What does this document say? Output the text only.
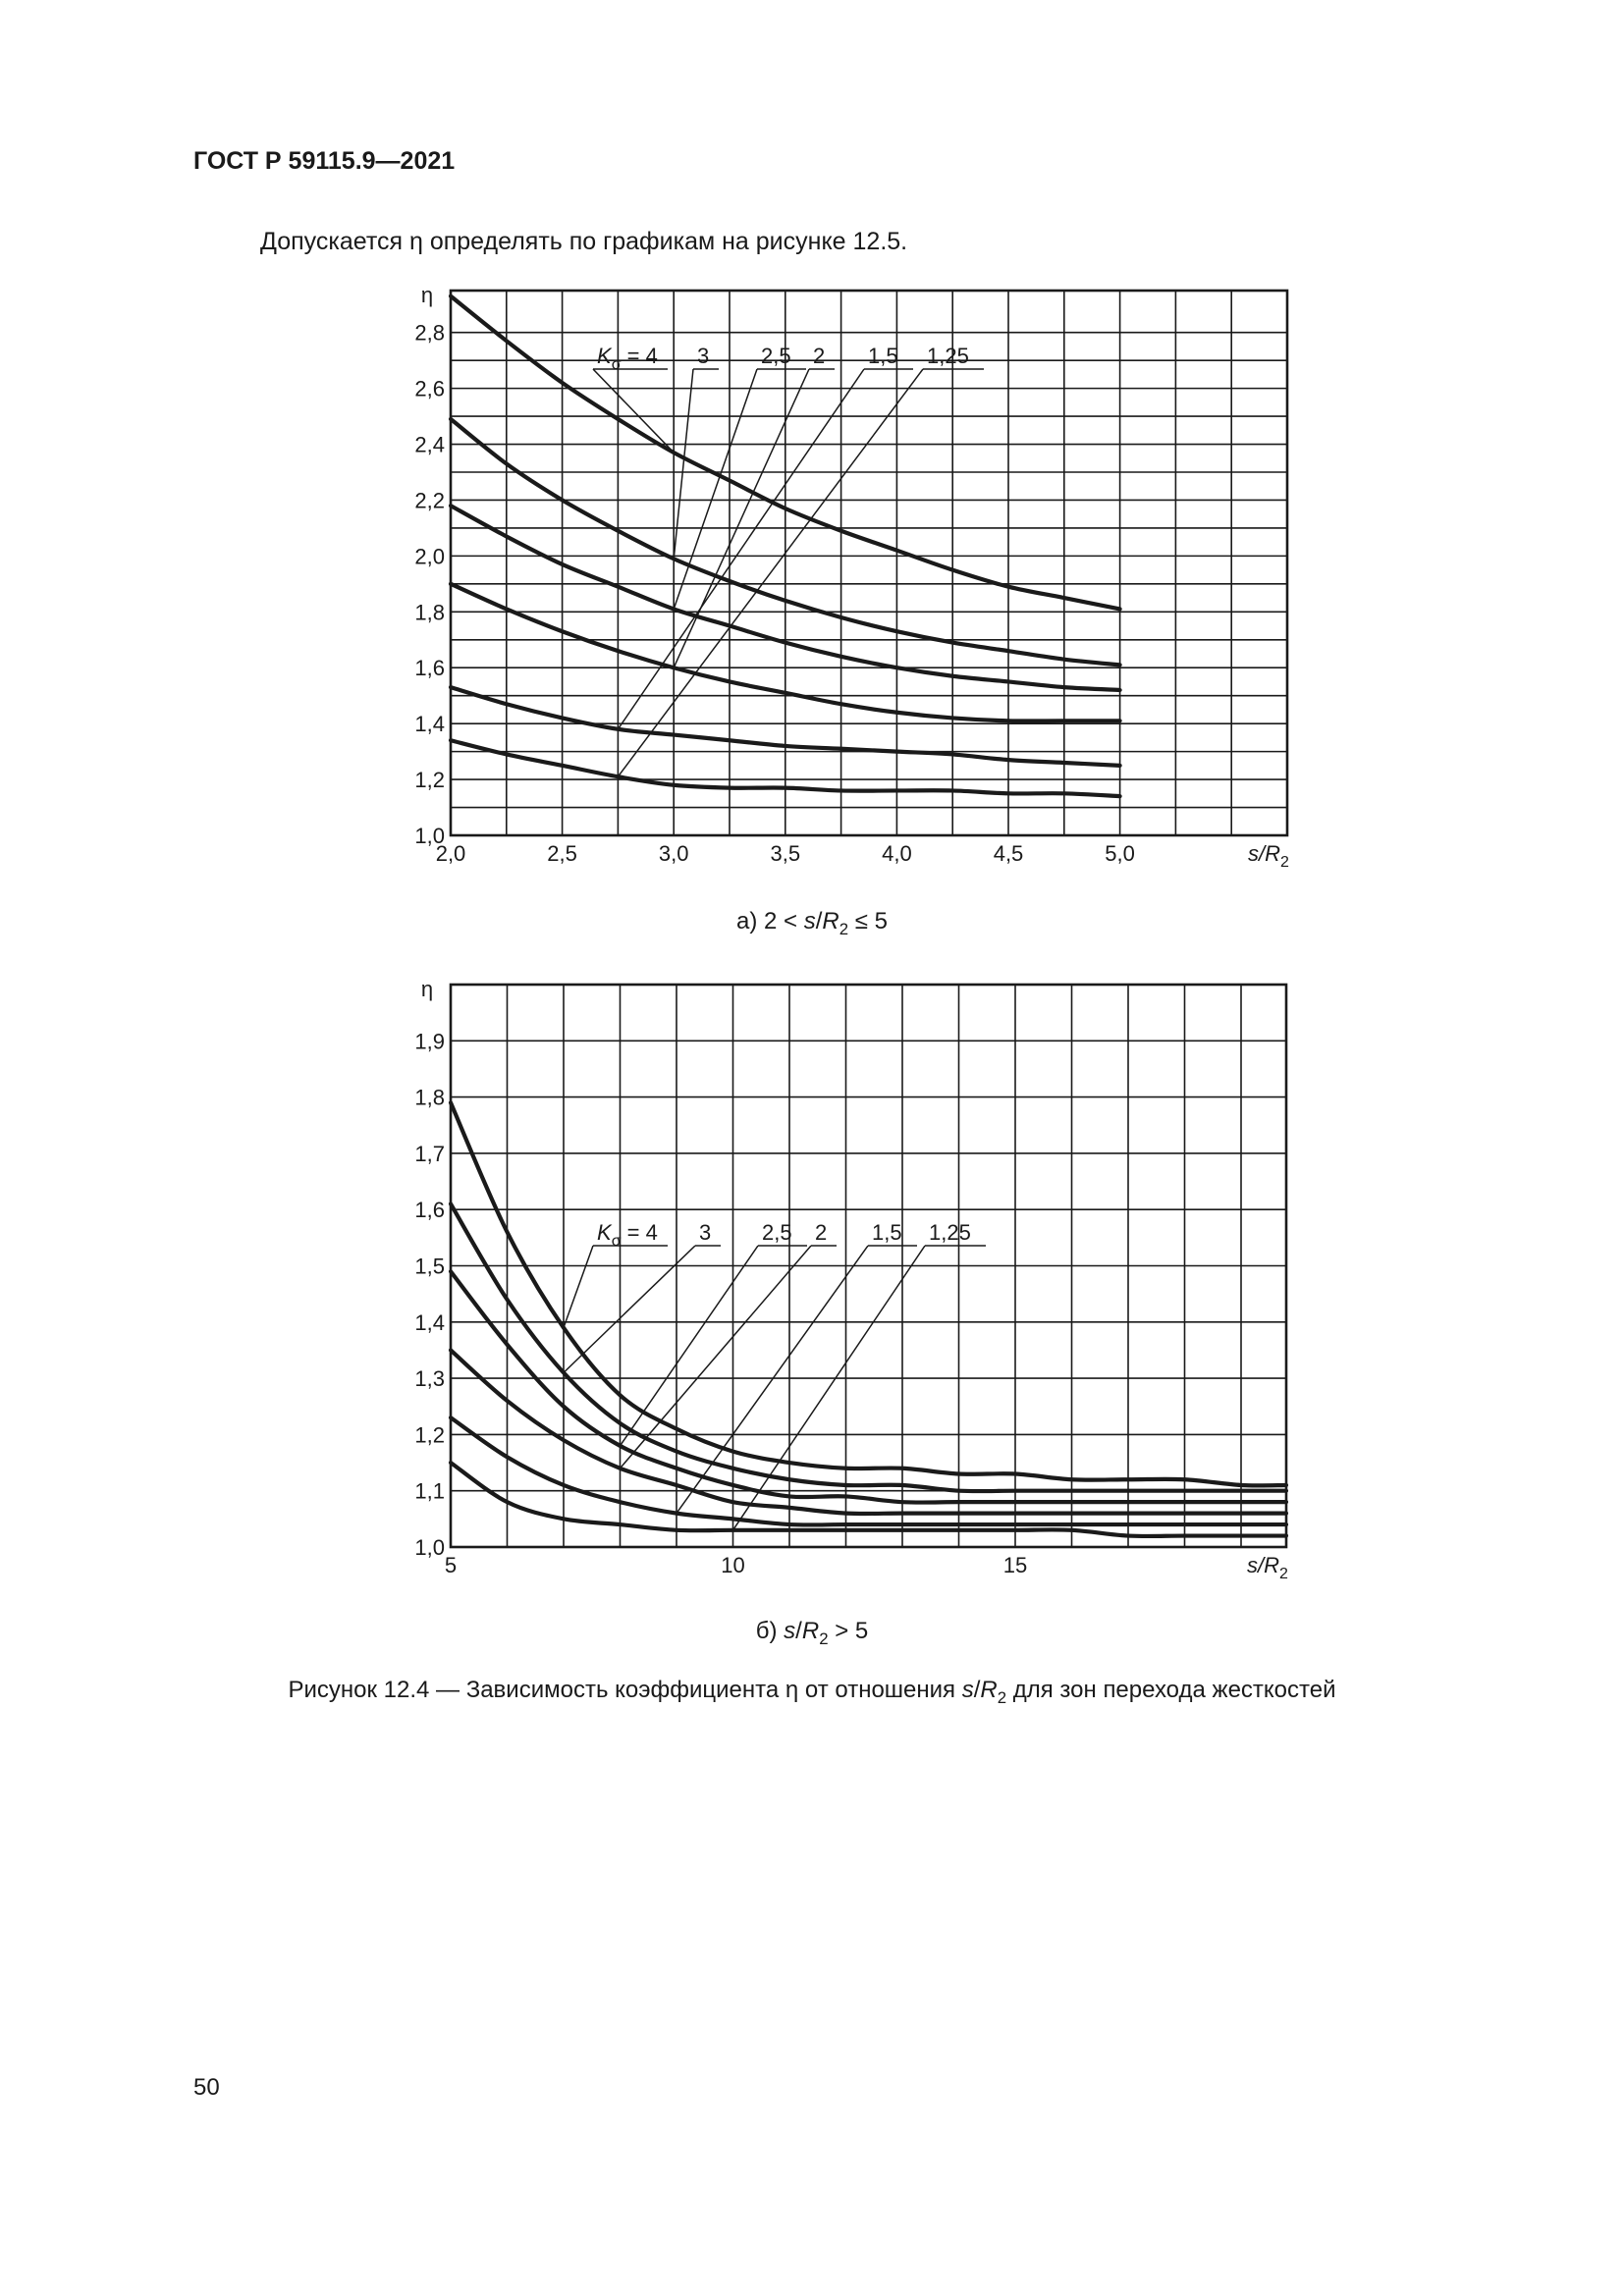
ГОСТ Р 59115.9—2021
Допускается η определять по графикам на рисунке 12.5.
1,0
1,2
1,4
1,6
1,8
2,0
2,2
2,4
2,6
2,8
2,0	2,5	3,0	3,5	4,0	4,5	5,0
η
$s/R_2$
$K_\sigma = 4$ 3 2,5 2 1,5 1,25
а) $2 < s/R_2 \le 5$
1,0
1,1
1,2
1,3
1,4
1,5
1,6
1,7
1,8
1,9
5	10	15
η
$s/R_2$
$K_\sigma = 4$ 3 2,5 2 1,5 1,25
б) $s/R_2 > 5$
Рисунок 12.4 — Зависимость коэффициента η от отношения $s/R_2$ для зон перехода жесткостей
50
